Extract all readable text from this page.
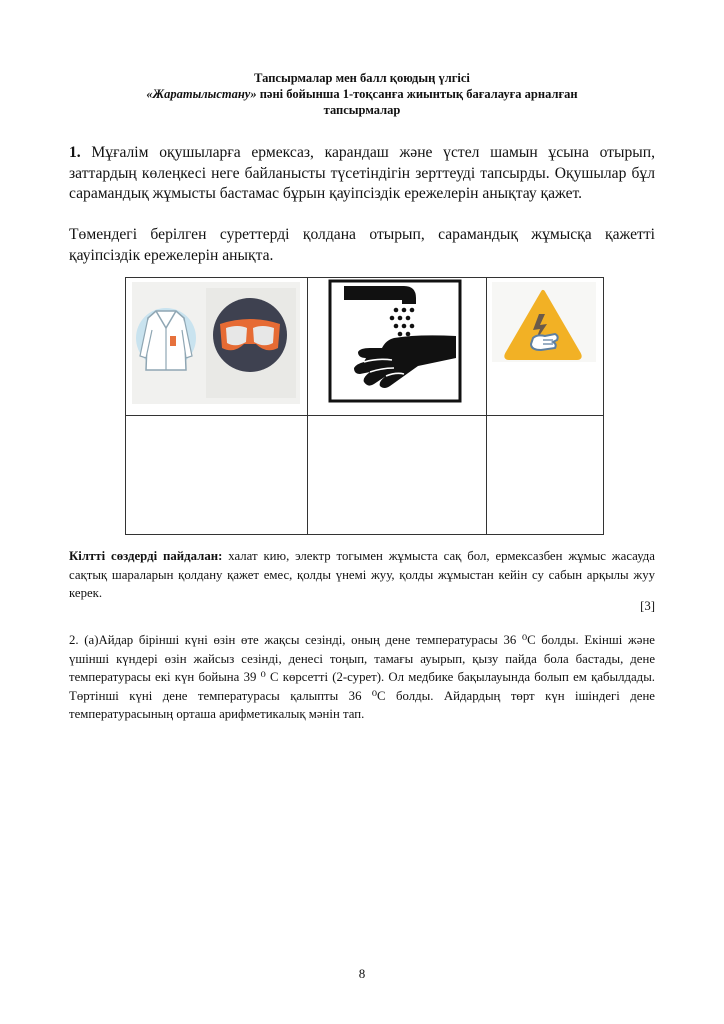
Тапсырмалар мен балл қоюдың үлгісі
«Жаратылыстану» пәні бойынша 1-тоқсанға жиынтық бағалауға арналған
тапсырмалар
1. Мұғалім оқушыларға ермексаз, карандаш және үстел шамын ұсына отырып, заттардың көлеңкесі неге байланысты түсетіндігін зерттеуді тапсырды. Оқушылар бұл сарамандық жұмысты бастамас бұрын қауіпсіздік ережелерін анықтау қажет.
Төмендегі берілген суреттерді қолдана отырып, сарамандық жұмысқа қажетті қауіпсіздік ережелерін анықта.

Кілтті сөздерді пайдалан: халат кию, электр тогымен жұмыста сақ бол, ермексазбен жұмыс жасауда сақтық шараларын қолдану қажет емес, қолды үнемі жуу, қолды жұмыстан кейін су сабын арқылы жуу керек.
[3]
2. (a)Айдар бірінші күні өзін өте жақсы сезінді, оның дене температурасы 36 ⁰С болды. Екінші және үшінші күндері өзін жайсыз сезінді, денесі тоңып, тамағы ауырып, қызу пайда бола бастады, дене температурасы екі күн бойына 39 ⁰ С көрсетті (2-сурет). Ол медбике бақылауында болып ем қабылдады. Төртінші күні дене температурасы қалыпты 36 ⁰С болды. Айдардың төрт күн ішіндегі дене температурасының орташа арифметикалық мәнін тап.
8
